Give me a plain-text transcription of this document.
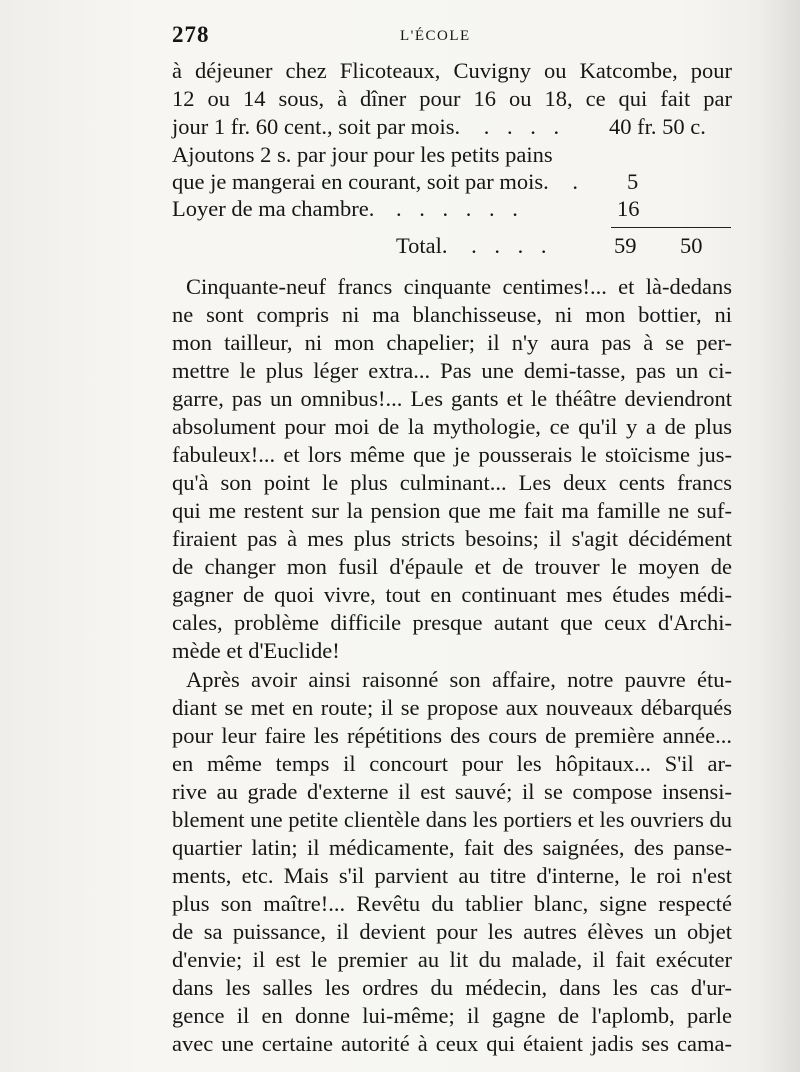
278	L'ÉCOLE
à déjeuner chez Flicoteaux, Cuvigny ou Katcombe, pour
12 ou 14 sous, à dîner pour 16 ou 18, ce qui fait par
jour 1 fr. 60 cent., soit par mois. . . . . 40 fr. 50 c.
Ajoutons 2 s. par jour pour les petits pains
que je mangerai en courant, soit par mois. . 5
Loyer de ma chambre. . . . . . .	16
Total. . . . .	59 50
Cinquante-neuf francs cinquante centimes!... et là-dedans
ne sont compris ni ma blanchisseuse, ni mon bottier, ni
mon tailleur, ni mon chapelier; il n'y aura pas à se per-
mettre le plus léger extra... Pas une demi-tasse, pas un ci-
garre, pas un omnibus!... Les gants et le théâtre deviendront
absolument pour moi de la mythologie, ce qu'il y a de plus
fabuleux!... et lors même que je pousserais le stoïcisme jus-
qu'à son point le plus culminant... Les deux cents francs
qui me restent sur la pension que me fait ma famille ne suf-
firaient pas à mes plus stricts besoins; il s'agit décidément
de changer mon fusil d'épaule et de trouver le moyen de
gagner de quoi vivre, tout en continuant mes études médi-
cales, problème difficile presque autant que ceux d'Archi-
mède et d'Euclide!
Après avoir ainsi raisonné son affaire, notre pauvre étu-
diant se met en route; il se propose aux nouveaux débarqués
pour leur faire les répétitions des cours de première année...
en même temps il concourt pour les hôpitaux... S'il ar-
rive au grade d'externe il est sauvé; il se compose insensi-
blement une petite clientèle dans les portiers et les ouvriers du
quartier latin; il médicamente, fait des saignées, des panse-
ments, etc. Mais s'il parvient au titre d'interne, le roi n'est
plus son maître!... Revêtu du tablier blanc, signe respecté
de sa puissance, il devient pour les autres élèves un objet
d'envie; il est le premier au lit du malade, il fait exécuter
dans les salles les ordres du médecin, dans les cas d'ur-
gence il en donne lui-même; il gagne de l'aplomb, parle
avec une certaine autorité à ceux qui étaient jadis ses cama-
